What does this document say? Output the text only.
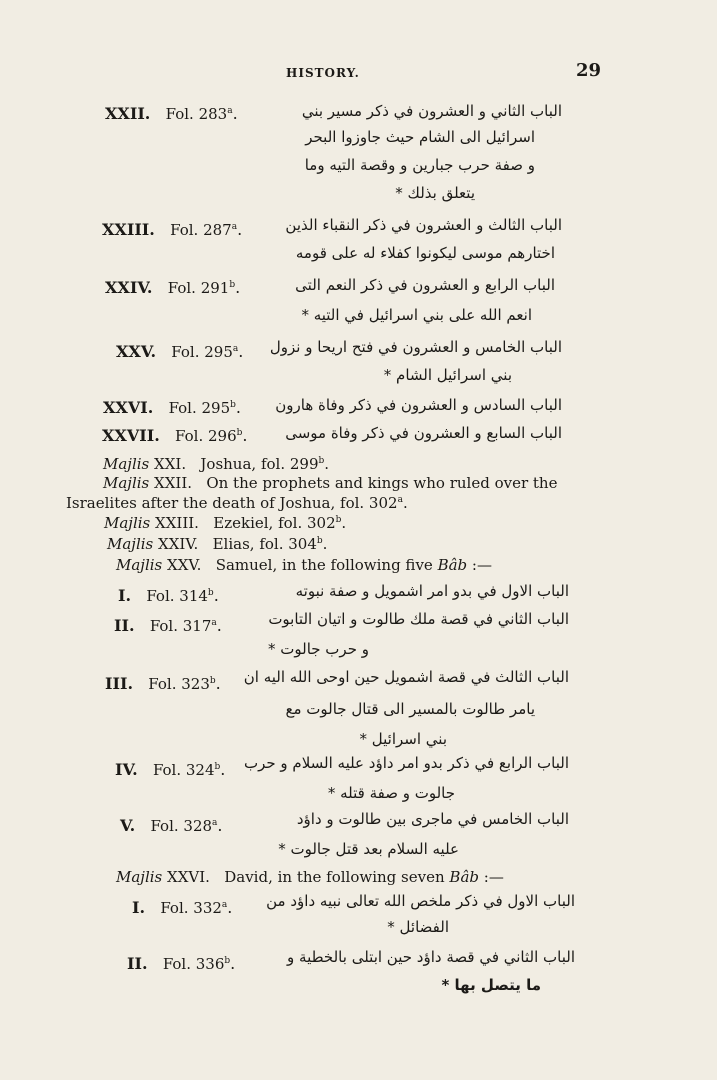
HISTORY.	29
XXII. Fol. 283$^a$.	الباب الثاني و العشرون في ذكر مسير بني
اسرائيل الى الشام حيث جاوزوا البحر
و صفة حرب جبارين و وقصة التيه وما
يتعلق بذلك *
XXIII. Fol. 287$^a$.	الباب الثالث و العشرون في ذكر النقباء الذين
اختارهم موسى ليكونوا كفلاء له على قومه
XXIV. Fol. 291$^b$.	الباب الرابع و العشرون في ذكر النعم التى
انعم الله على بني اسرائيل في التيه *
XXV. Fol. 295$^a$. الباب الخامس و العشرون في فتح اريحا و نزول
بني اسرائيل الشام *
XXVI. Fol. 295$^b$. الباب السادس و العشرون في ذكر وفاة هارون
XXVII. Fol. 296$^b$.	الباب السابع و العشرون في ذكر وفاة موسى
Majlis XXI. Joshua, fol. 299$^b$.
Majlis XXII. On the prophets and kings who ruled over the
Israelites after the death of Joshua, fol. 302$^a$.
Majlis XXIII. Ezekiel, fol. 302$^b$.
Majlis XXIV. Elias, fol. 304$^b$.
Majlis XXV. Samuel, in the following five Bâb :—
I. Fol. 314$^b$.	الباب الاول في بدو امر اشمويل و صفة نبوته
II. Fol. 317$^a$.	الباب الثاني في قصة ملك طالوت و اتيان التابوت
و حرب جالوت *
III. Fol. 323$^b$. الباب الثالث في قصة اشمويل حين اوحى الله اليه ان
يامر طالوت بالمسير الى قتال جالوت مع
بني اسرائيل *
IV. Fol. 324$^b$. الباب الرابع في ذكر بدو امر داؤد عليه السلام و حرب
جالوت و صفة قتله *
V. Fol. 328$^a$.	الباب الخامس في ماجرى بين طالوت و داؤد
عليه السلام بعد قتل جالوت *
Majlis XXVI. David, in the following seven Bâb :—
I. Fol. 332$^a$. الباب الاول في ذكر ملخص الله تعالى نبيه داؤد من
الفضائل *
II. Fol. 336$^b$.	الباب الثاني في قصة داؤد حين ابتلى بالخطية و
ما يتصل بها *
